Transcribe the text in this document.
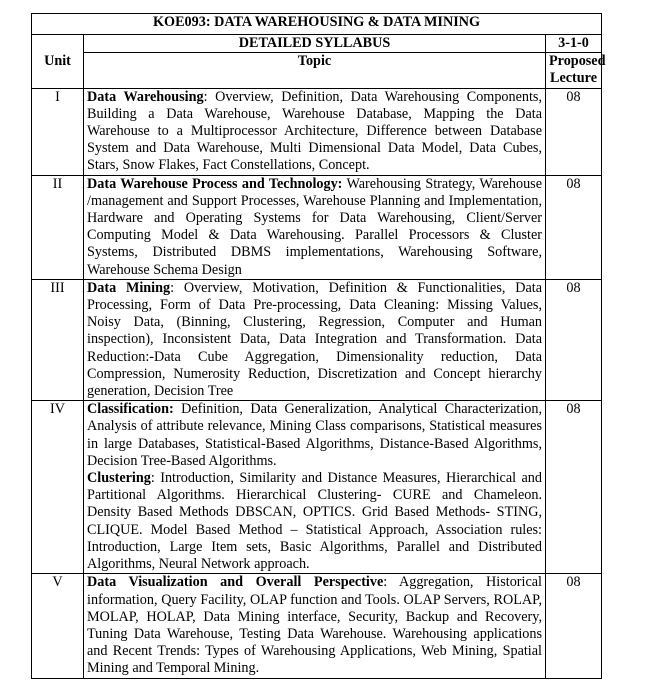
KOE093: DATA WAREHOUSING & DATA MINING		
Unit	DETAILED SYLLABUS	3-1-0
	Topic	Proposed Lecture
I	Data Warehousing: Overview, Definition, Data Warehousing Components, Building a Data Warehouse, Warehouse Database, Mapping the Data Warehouse to a Multiprocessor Architecture, Difference between Database System and Data Warehouse, Multi Dimensional Data Model, Data Cubes, Stars, Snow Flakes, Fact Constellations, Concept.	08
II	Data Warehouse Process and Technology: Warehousing Strategy, Warehouse /management and Support Processes, Warehouse Planning and Implementation, Hardware and Operating Systems for Data Warehousing, Client/Server Computing Model & Data Warehousing. Parallel Processors & Cluster Systems, Distributed DBMS implementations, Warehousing Software, Warehouse Schema Design	08
III	Data Mining: Overview, Motivation, Definition & Functionalities, Data Processing, Form of Data Pre-processing, Data Cleaning: Missing Values, Noisy Data, (Binning, Clustering, Regression, Computer and Human inspection), Inconsistent Data, Data Integration and Transformation. Data Reduction:-Data Cube Aggregation, Dimensionality reduction, Data Compression, Numerosity Reduction, Discretization and Concept hierarchy generation, Decision Tree	08
IV	Classification: Definition, Data Generalization, Analytical Characterization, Analysis of attribute relevance, Mining Class comparisons, Statistical measures in large Databases, Statistical-Based Algorithms, Distance-Based Algorithms, Decision Tree-Based Algorithms.
Clustering: Introduction, Similarity and Distance Measures, Hierarchical and Partitional Algorithms. Hierarchical Clustering- CURE and Chameleon. Density Based Methods DBSCAN, OPTICS. Grid Based Methods- STING, CLIQUE. Model Based Method – Statistical Approach, Association rules: Introduction, Large Item sets, Basic Algorithms, Parallel and Distributed Algorithms, Neural Network approach.	08
V	Data Visualization and Overall Perspective: Aggregation, Historical information, Query Facility, OLAP function and Tools. OLAP Servers, ROLAP, MOLAP, HOLAP, Data Mining interface, Security, Backup and Recovery, Tuning Data Warehouse, Testing Data Warehouse. Warehousing applications and Recent Trends: Types of Warehousing Applications, Web Mining, Spatial Mining and Temporal Mining.	08
